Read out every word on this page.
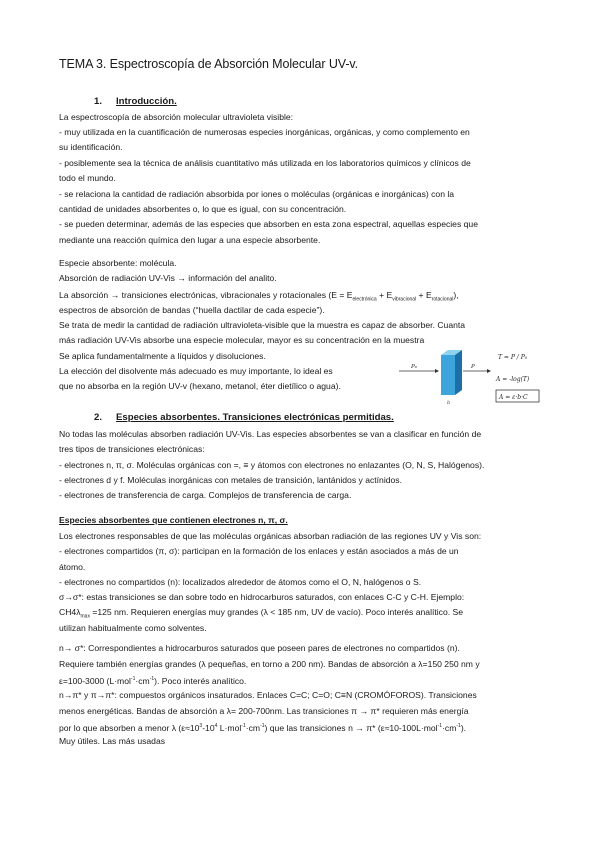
TEMA 3. Espectroscopía de Absorción Molecular UV-v.
1. Introducción.
La espectroscopía de absorción molecular ultravioleta visible:
- muy utilizada en la cuantificación de numerosas especies inorgánicas, orgánicas, y como complemento en
su identificación.
- posiblemente sea la técnica de análisis cuantitativo más utilizada en los laboratorios químicos y clínicos de
todo el mundo.
- se relaciona la cantidad de radiación absorbida por iones o moléculas (orgánicas e inorgánicas) con la
cantidad de unidades absorbentes o, lo que es igual, con su concentración.
- se pueden determinar, además de las especies que absorben en esta zona espectral, aquellas especies que
mediante una reacción química den lugar a una especie absorbente.
Especie absorbente: molécula.
Absorción de radiación UV-Vis → información del analito.
La absorción → transiciones electrónicas, vibracionales y rotacionales $(E = E_{electrónica} + E_{vibracional} + E_{rotacional})$,
espectros de absorción de bandas (“huella dactilar de cada especie”).
Se trata de medir la cantidad de radiación ultravioleta-visible que la muestra es capaz de absorber. Cuanta
más radiación UV-Vis absorbe una especie molecular, mayor es su concentración en la muestra
Se aplica fundamentalmente a líquidos y disoluciones.
La elección del disolvente más adecuado es muy importante, lo ideal es
que no absorba en la región UV-v (hexano, metanol, éter dietílico o agua).
P₀	P
b
T = P / P₀
A = -log(T)
A = ε·b·C
2. Especies absorbentes. Transiciones electrónicas permitidas.
No todas las moléculas absorben radiación UV-Vis. Las especies absorbentes se van a clasificar en función de
tres tipos de transiciones electrónicas:
- electrones n, π, σ. Moléculas orgánicas con =, ≡ y átomos con electrones no enlazantes (O, N, S, Halógenos).
- electrones d y f. Moléculas inorgánicas con metales de transición, lantánidos y actínidos.
- electrones de transferencia de carga. Complejos de transferencia de carga.
Especies absorbentes que contienen electrones n, π, σ.
Los electrones responsables de que las moléculas orgánicas absorban radiación de las regiones UV y Vis son:
- electrones compartidos (π, σ): participan en la formación de los enlaces y están asociados a más de un
átomo.
- electrones no compartidos (n): localizados alrededor de átomos como el O, N, halógenos o S.
σ→σ*: estas transiciones se dan sobre todo en hidrocarburos saturados, con enlaces C-C y C-H. Ejemplo:
$CH4\lambda_{max} =125$ nm. Requieren energías muy grandes (λ < 185 nm, UV de vacío). Poco interés analítico. Se
utilizan habitualmente como solventes.
n→ σ*: Correspondientes a hidrocarburos saturados que poseen pares de electrones no compartidos (n).
Requiere también energías grandes (λ pequeñas, en torno a 200 nm). Bandas de absorción a λ=150 250 nm y
ε=100-3000 $(L\cdot mol^{-1}\cdot cm^{-1})$. Poco interés analítico.
n→π* y π→π*: compuestos orgánicos insaturados. Enlaces C=C; C=O; C≡N (CROMÓFOROS). Transiciones
menos energéticas. Bandas de absorción a λ= 200-700nm. Las transiciones π → π* requieren más energía
por lo que absorben a menor λ ($\varepsilon\approx 10^3-10^4$ $L\cdot mol^{-1}\cdot cm^{-1}$) que las transiciones n → π* $(\varepsilon\approx 10-100L\cdot mol^{-1}\cdot cm^{-1})$.
Muy útiles. Las más usadas
